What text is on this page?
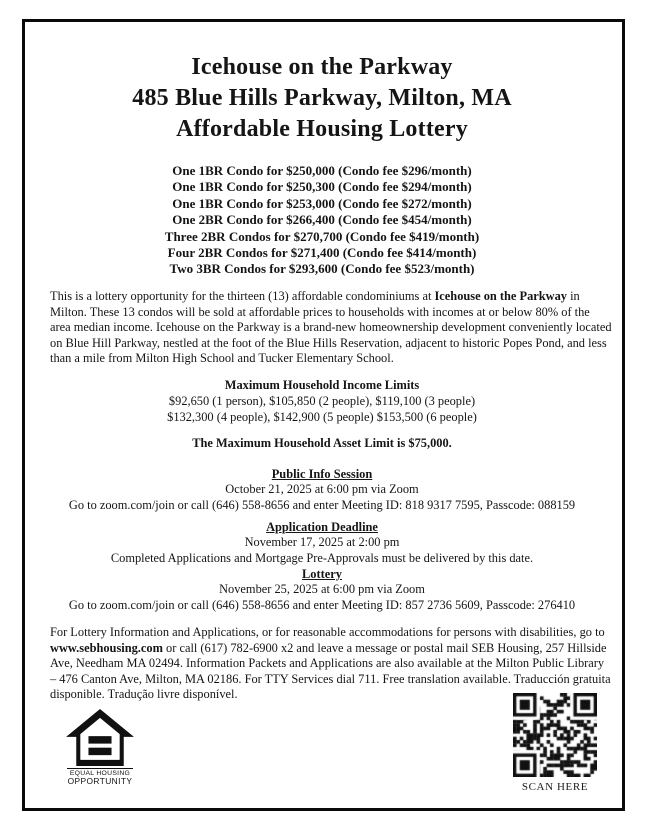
Icehouse on the Parkway
485 Blue Hills Parkway, Milton, MA
Affordable Housing Lottery
One 1BR Condo for $250,000 (Condo fee $296/month)
One 1BR Condo for $250,300 (Condo fee $294/month)
One 1BR Condo for $253,000 (Condo fee $272/month)
One 2BR Condo for $266,400 (Condo fee $454/month)
Three 2BR Condos for $270,700 (Condo fee $419/month)
Four 2BR Condos for $271,400 (Condo fee $414/month)
Two 3BR Condos for $293,600 (Condo fee $523/month)

This is a lottery opportunity for the thirteen (13) affordable condominiums at Icehouse on the Parkway in Milton. These 13 condos will be sold at affordable prices to households with incomes at or below 80% of the area median income. Icehouse on the Parkway is a brand-new homeownership development conveniently located on Blue Hill Parkway, nestled at the foot of the Blue Hills Reservation, adjacent to historic Popes Pond, and less than a mile from Milton High School and Tucker Elementary School.

Maximum Household Income Limits
$92,650 (1 person), $105,850 (2 people), $119,100 (3 people)
$132,300 (4 people), $142,900 (5 people) $153,500 (6 people)
The Maximum Household Asset Limit is $75,000.
Public Info Session
October 21, 2025 at 6:00 pm via Zoom
Go to zoom.com/join or call (646) 558-8656 and enter Meeting ID: 818 9317 7595, Passcode: 088159
Application Deadline
November 17, 2025 at 2:00 pm
Completed Applications and Mortgage Pre-Approvals must be delivered by this date.
Lottery
November 25, 2025 at 6:00 pm via Zoom
Go to zoom.com/join or call (646) 558-8656 and enter Meeting ID: 857 2736 5609, Passcode: 276410

For Lottery Information and Applications, or for reasonable accommodations for persons with disabilities, go to www.sebhousing.com or call (617) 782-6900 x2 and leave a message or postal mail SEB Housing, 257 Hillside Ave, Needham MA 02494. Information Packets and Applications are also available at the Milton Public Library – 476 Canton Ave, Milton, MA 02186. For TTY Services dial 711. Free translation available. Traducción gratuita disponible. Tradução livre disponível.

EQUAL HOUSING
OPPORTUNITY	SCAN HERE
